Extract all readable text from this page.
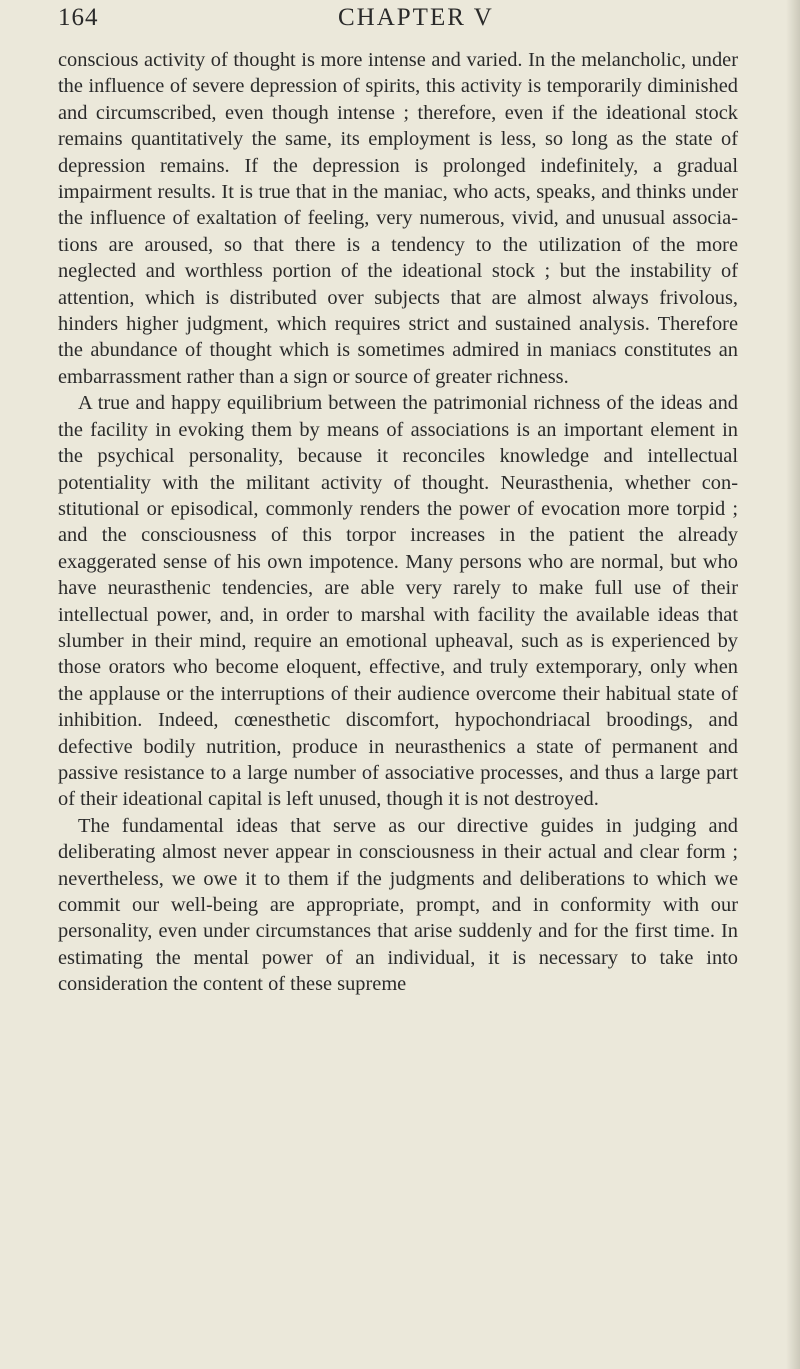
164	CHAPTER V

conscious activity of thought is more intense and varied. In the melancholic, under the influence of severe depression of spirits, this activity is temporarily diminished and circumscribed, even though intense ; therefore, even if the ideational stock remains quantitatively the same, its employment is less, so long as the state of depression remains. If the depression is prolonged indefinitely, a gradual impairment results. It is true that in the maniac, who acts, speaks, and thinks under the influence of exaltation of feeling, very numerous, vivid, and unusual associations are aroused, so that there is a tendency to the utilization of the more neglected and worthless portion of the ideational stock ; but the instability of attention, which is distributed over subjects that are almost always frivolous, hinders higher judgment, which requires strict and sustained analysis. Therefore the abundance of thought which is sometimes admired in maniacs constitutes an embarrassment rather than a sign or source of greater richness.

A true and happy equilibrium between the patrimonial richness of the ideas and the facility in evoking them by means of associations is an important element in the psychical personality, because it reconciles knowledge and intellectual potentiality with the militant activity of thought. Neurasthenia, whether constitutional or episodical, commonly renders the power of evocation more torpid ; and the consciousness of this torpor increases in the patient the already exaggerated sense of his own impotence. Many persons who are normal, but who have neurasthenic tendencies, are able very rarely to make full use of their intellectual power, and, in order to marshal with facility the available ideas that slumber in their mind, require an emotional upheaval, such as is experienced by those orators who become eloquent, effective, and truly extemporary, only when the applause or the interruptions of their audience overcome their habitual state of inhibition. Indeed, cœnesthetic discomfort, hypochondriacal broodings, and defective bodily nutrition, produce in neurasthenics a state of permanent and passive resistance to a large number of associative processes, and thus a large part of their ideational capital is left unused, though it is not destroyed.

The fundamental ideas that serve as our directive guides in judging and deliberating almost never appear in consciousness in their actual and clear form ; nevertheless, we owe it to them if the judgments and deliberations to which we commit our well-being are appropriate, prompt, and in conformity with our personality, even under circumstances that arise suddenly and for the first time. In estimating the mental power of an individual, it is necessary to take into consideration the content of these supreme
